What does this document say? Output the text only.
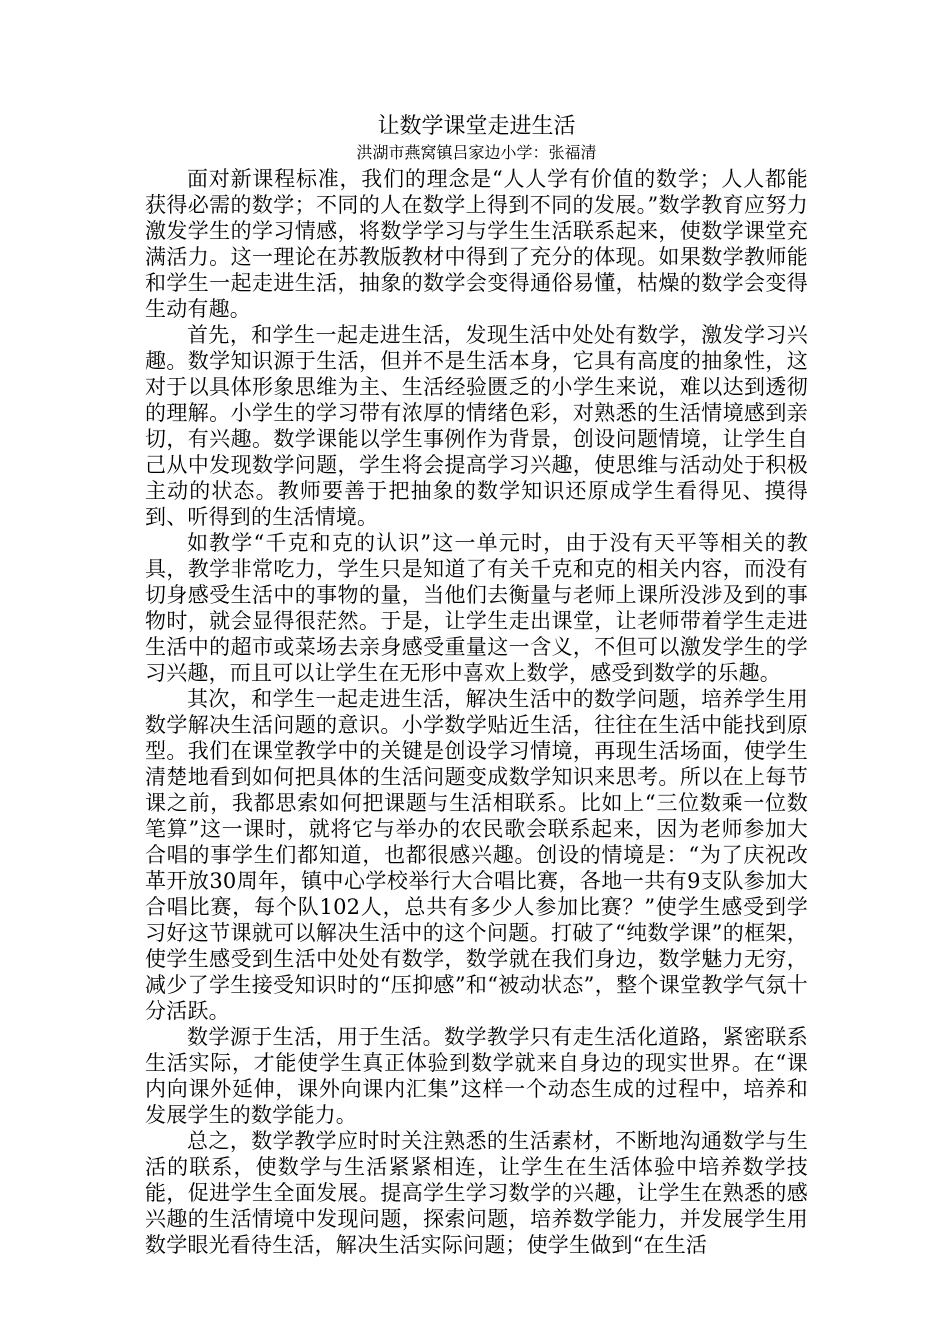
让数学课堂走进生活

洪湖市燕窝镇吕家边小学：张福清

面对新课程标准，我们的理念是“人人学有价值的数学；人人都能获得必需的数学；不同的人在数学上得到不同的发展。”数学教育应努力激发学生的学习情感，将数学学习与学生生活联系起来，使数学课堂充满活力。这一理论在苏教版教材中得到了充分的体现。如果数学教师能和学生一起走进生活，抽象的数学会变得通俗易懂，枯燥的数学会变得生动有趣。

首先，和学生一起走进生活，发现生活中处处有数学，激发学习兴趣。数学知识源于生活，但并不是生活本身，它具有高度的抽象性，这对于以具体形象思维为主、生活经验匮乏的小学生来说，难以达到透彻的理解。小学生的学习带有浓厚的情绪色彩，对熟悉的生活情境感到亲切，有兴趣。数学课能以学生事例作为背景，创设问题情境，让学生自己从中发现数学问题，学生将会提高学习兴趣，使思维与活动处于积极主动的状态。教师要善于把抽象的数学知识还原成学生看得见、摸得到、听得到的生活情境。

如教学“千克和克的认识”这一单元时，由于没有天平等相关的教具，教学非常吃力，学生只是知道了有关千克和克的相关内容，而没有切身感受生活中的事物的量，当他们去衡量与老师上课所没涉及到的事物时，就会显得很茫然。于是，让学生走出课堂，让老师带着学生走进生活中的超市或菜场去亲身感受重量这一含义，不但可以激发学生的学习兴趣，而且可以让学生在无形中喜欢上数学，感受到数学的乐趣。

其次，和学生一起走进生活，解决生活中的数学问题，培养学生用数学解决生活问题的意识。小学数学贴近生活，往往在生活中能找到原型。我们在课堂教学中的关键是创设学习情境，再现生活场面，使学生清楚地看到如何把具体的生活问题变成数学知识来思考。所以在上每节课之前，我都思索如何把课题与生活相联系。比如上“三位数乘一位数笔算”这一课时，就将它与举办的农民歌会联系起来，因为老师参加大合唱的事学生们都知道，也都很感兴趣。创设的情境是：“为了庆祝改革开放30周年，镇中心学校举行大合唱比赛，各地一共有9支队参加大合唱比赛，每个队102人，总共有多少人参加比赛？”使学生感受到学习好这节课就可以解决生活中的这个问题。打破了“纯数学课”的框架，使学生感受到生活中处处有数学，数学就在我们身边，数学魅力无穷，减少了学生接受知识时的“压抑感”和“被动状态”，整个课堂教学气氛十分活跃。

数学源于生活，用于生活。数学教学只有走生活化道路，紧密联系生活实际，才能使学生真正体验到数学就来自身边的现实世界。在“课内向课外延伸，课外向课内汇集”这样一个动态生成的过程中，培养和发展学生的数学能力。

总之，数学教学应时时关注熟悉的生活素材，不断地沟通数学与生活的联系，使数学与生活紧紧相连，让学生在生活体验中培养数学技能，促进学生全面发展。提高学生学习数学的兴趣，让学生在熟悉的感兴趣的生活情境中发现问题，探索问题，培养数学能力，并发展学生用数学眼光看待生活，解决生活实际问题；使学生做到“在生活
